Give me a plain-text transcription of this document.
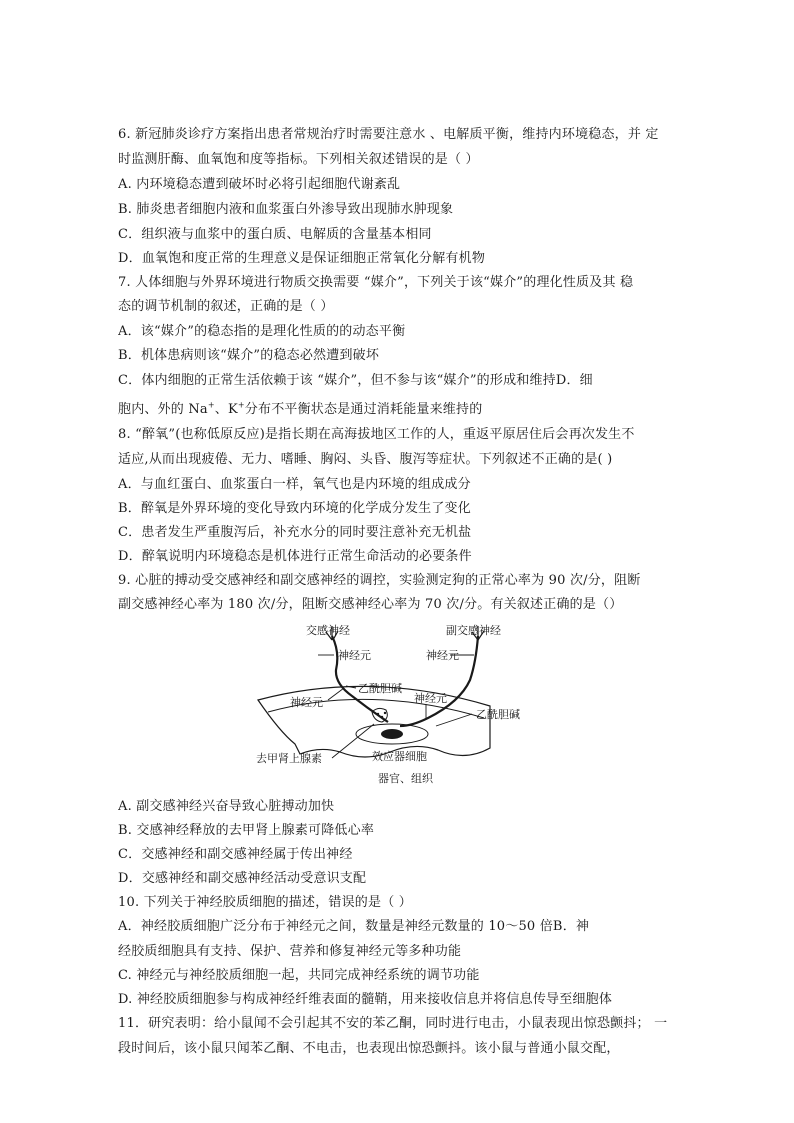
6. 新冠肺炎诊疗方案指出患者常规治疗时需要注意水 、电解质平衡，维持内环境稳态，并 定
时监测肝酶、血氧饱和度等指标。下列相关叙述错误的是（ ）
A. 内环境稳态遭到破坏时必将引起细胞代谢紊乱
B. 肺炎患者细胞内液和血浆蛋白外渗导致出现肺水肿现象
C．组织液与血浆中的蛋白质、电解质的含量基本相同
D．血氧饱和度正常的生理意义是保证细胞正常氧化分解有机物
7. 人体细胞与外界环境进行物质交换需要 “媒介”，下列关于该“媒介”的理化性质及其 稳
态的调节机制的叙述，正确的是（ ）
A．该“媒介”的稳态指的是理化性质的的动态平衡
B．机体患病则该“媒介”的稳态必然遭到破坏
C．体内细胞的正常生活依赖于该 “媒介”，但不参与该“媒介”的形成和维持D．细
胞内、外的 Na+、K+分布不平衡状态是通过消耗能量来维持的
8. “醉氧”(也称低原反应)是指长期在高海拔地区工作的人，重返平原居住后会再次发生不
适应,从而出现疲倦、无力、嗜睡、胸闷、头昏、腹泻等症状。下列叙述不正确的是( )
A．与血红蛋白、血浆蛋白一样，氧气也是内环境的组成成分
B．醉氧是外界环境的变化导致内环境的化学成分发生了变化
C．患者发生严重腹泻后，补充水分的同时要注意补充无机盐
D．醉氧说明内环境稳态是机体进行正常生命活动的必要条件
9. 心脏的搏动受交感神经和副交感神经的调控，实验测定狗的正常心率为 90 次/分，阻断
副交感神经心率为 180 次/分，阻断交感神经心率为 70 次/分。有关叙述正确的是（）
交感神经	副交感神经
神经元	神经元
神经元
乙酰胆碱
神经元
乙酰胆碱
去甲肾上腺素	效应器细胞
器官、组织
A. 副交感神经兴奋导致心脏搏动加快
B. 交感神经释放的去甲肾上腺素可降低心率
C．交感神经和副交感神经属于传出神经
D．交感神经和副交感神经活动受意识支配
10. 下列关于神经胶质细胞的描述，错误的是（ ）
A．神经胶质细胞广泛分布于神经元之间，数量是神经元数量的 10～50 倍B．神
经胶质细胞具有支持、保护、营养和修复神经元等多种功能
C. 神经元与神经胶质细胞一起，共同完成神经系统的调节功能
D. 神经胶质细胞参与构成神经纤维表面的髓鞘，用来接收信息并将信息传导至细胞体
11．研究表明：给小鼠闻不会引起其不安的苯乙酮，同时进行电击，小鼠表现出惊恐颤抖； 一
段时间后，该小鼠只闻苯乙酮、不电击，也表现出惊恐颤抖。该小鼠与普通小鼠交配，
